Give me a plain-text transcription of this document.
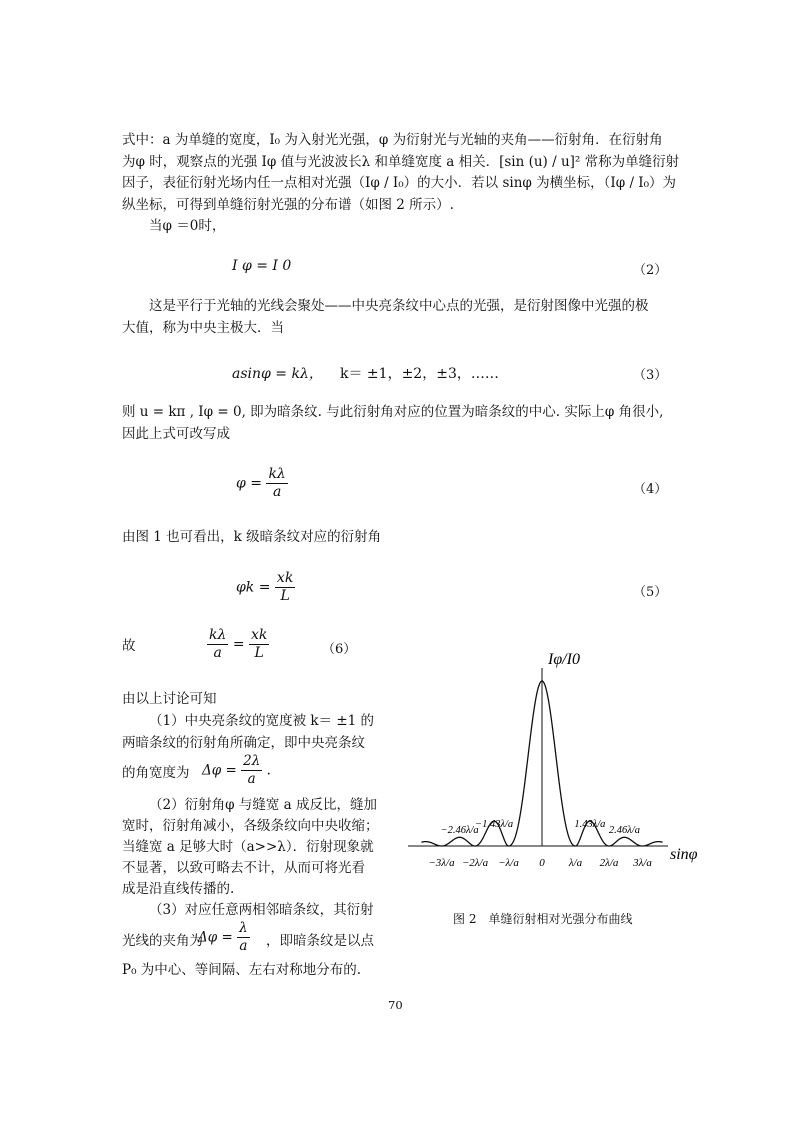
式中：a 为单缝的宽度，I₀ 为入射光光强，φ 为衍射光与光轴的夹角——衍射角．在衍射角
为φ 时，观察点的光强 Iφ 值与光波波长λ 和单缝宽度 a 相关．[sin (u) / u]² 常称为单缝衍射
因子，表征衍射光场内任一点相对光强（Iφ / I₀）的大小．若以 sinφ 为横坐标，（Iφ / I₀）为
纵坐标，可得到单缝衍射光强的分布谱（如图 2 所示）.
当φ ＝0时，
I φ = I 0	（2）
这是平行于光轴的光线会聚处——中央亮条纹中心点的光强，是衍射图像中光强的极
大值，称为中央主极大．当
asinφ = kλ， k＝ ±1，±2，±3，……	（3）
则 u = kπ , Iφ = 0, 即为暗条纹. 与此衍射角对应的位置为暗条纹的中心. 实际上φ 角很小,
因此上式可改写成
$\varphi = \frac{k\lambda}{a}$	（4）
由图 1 也可看出，k 级暗条纹对应的衍射角
$\varphi k = \frac{xk}{L}$	（5）
故	$\frac{k\lambda}{a} = \frac{xk}{L}$	（6）
由以上讨论可知
（1）中央亮条纹的宽度被 k＝ ±1 的
两暗条纹的衍射角所确定，即中央亮条纹
的角宽度为 $\Delta\varphi = \frac{2\lambda}{a}$ .
（2）衍射角φ 与缝宽 a 成反比，缝加
宽时，衍射角减小，各级条纹向中央收缩；
当缝宽 a 足够大时（a>>λ）．衍射现象就
不显著，以致可略去不计，从而可将光看
成是沿直线传播的.
（3）对应任意两相邻暗条纹，其衍射
光线的夹角为
$\Delta\varphi = \frac{\lambda}{a}$ ，即暗条纹是以点
P₀ 为中心、等间隔、左右对称地分布的.
Iφ/I0
sinφ
−3λ/a −2λ/a −λ/a 0 λ/a 2λ/a 3λ/a
−2.46λ/a
−1.43λ/a	1.43λ/a
2.46λ/a
图 2　单缝衍射相对光强分布曲线
70
